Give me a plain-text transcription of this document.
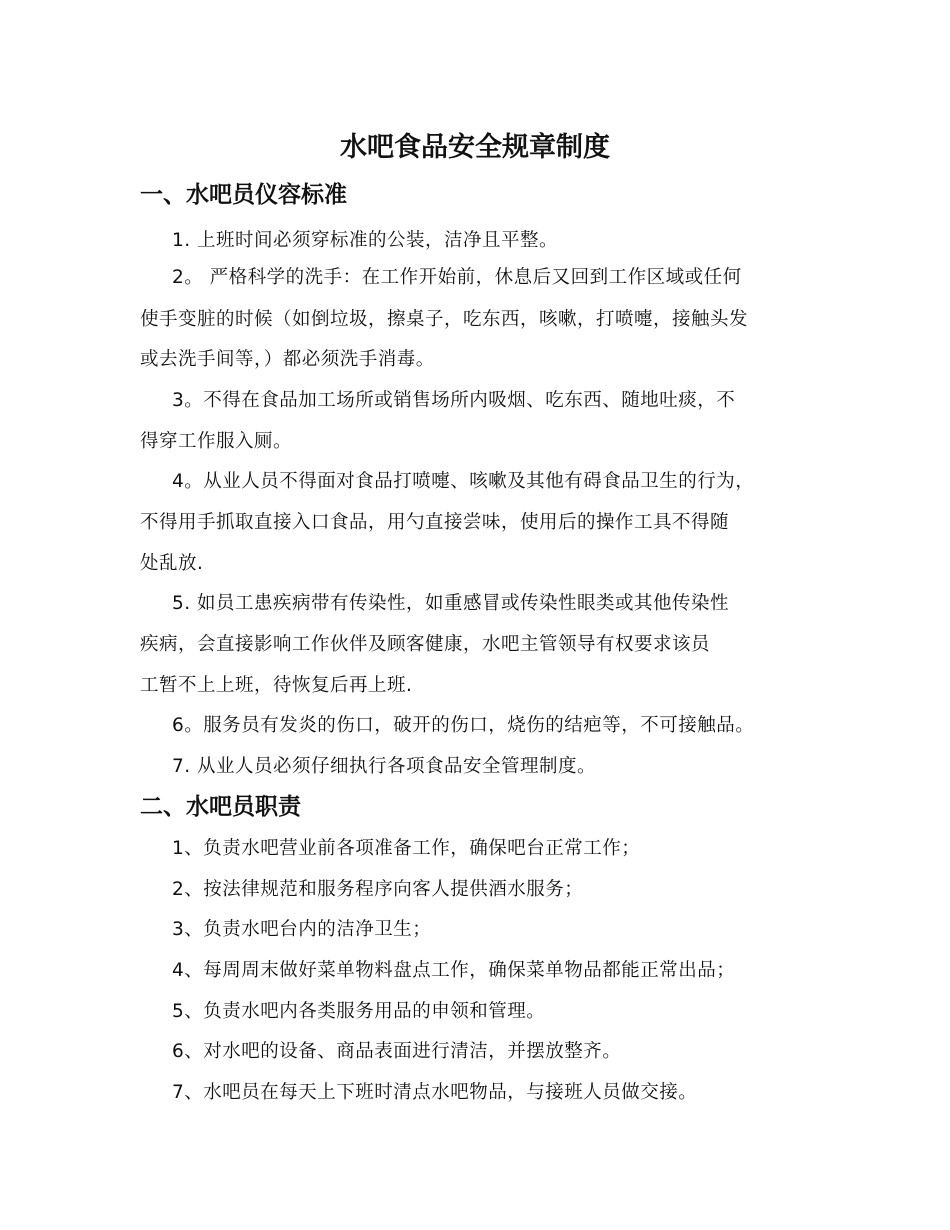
水吧食品安全规章制度
一、水吧员仪容标准
1. 上班时间必须穿标准的公装，洁净且平整。
2。 严格科学的洗手：在工作开始前，休息后又回到工作区域或任何
使手变脏的时候（如倒垃圾，擦桌子，吃东西，咳嗽，打喷嚏，接触头发
或去洗手间等，）都必须洗手消毒。
3。不得在食品加工场所或销售场所内吸烟、吃东西、随地吐痰，不
得穿工作服入厕。
4。从业人员不得面对食品打喷嚏、咳嗽及其他有碍食品卫生的行为，
不得用手抓取直接入口食品，用勺直接尝味，使用后的操作工具不得随
处乱放.
5. 如员工患疾病带有传染性，如重感冒或传染性眼类或其他传染性
疾病，会直接影响工作伙伴及顾客健康，水吧主管领导有权要求该员
工暂不上上班，待恢复后再上班.
6。服务员有发炎的伤口，破开的伤口，烧伤的结疤等，不可接触品。
7. 从业人员必须仔细执行各项食品安全管理制度。
二、水吧员职责
1、负责水吧营业前各项准备工作，确保吧台正常工作；
2、按法律规范和服务程序向客人提供酒水服务；
3、负责水吧台内的洁净卫生；
4、每周周末做好菜单物料盘点工作，确保菜单物品都能正常出品；
5、负责水吧内各类服务用品的申领和管理。
6、对水吧的设备、商品表面进行清洁，并摆放整齐。
7、水吧员在每天上下班时清点水吧物品，与接班人员做交接。
